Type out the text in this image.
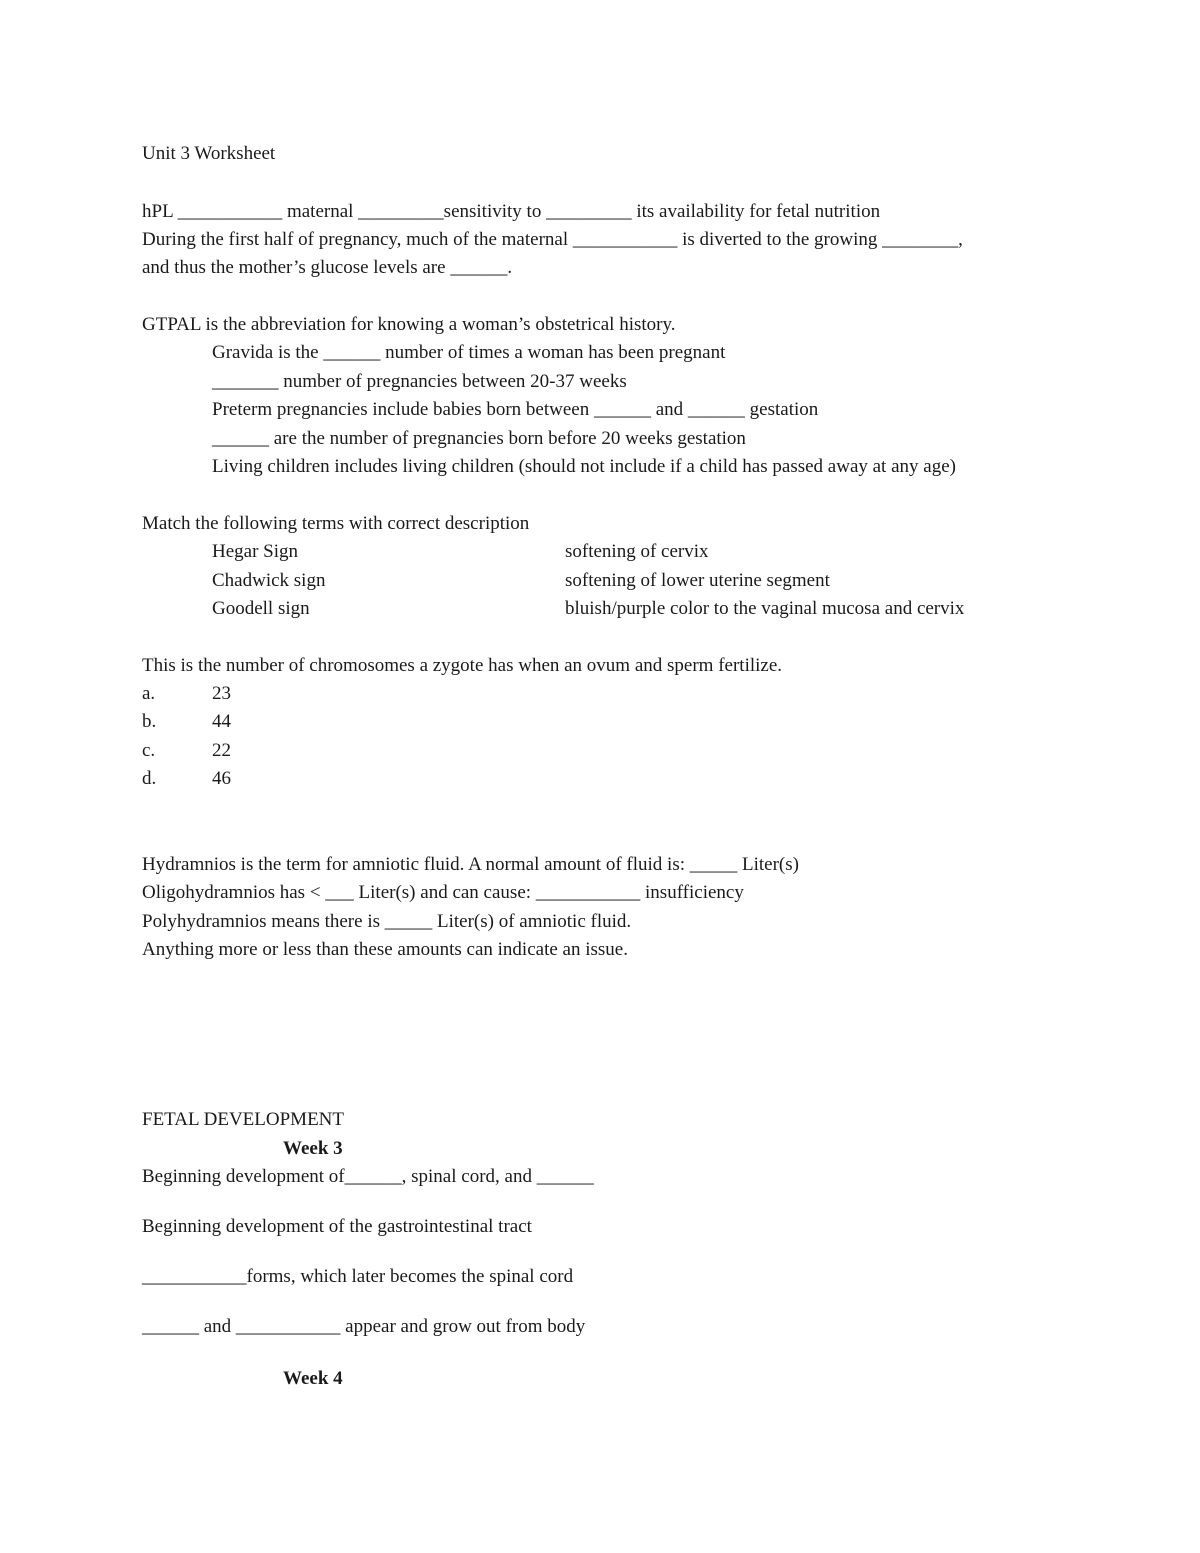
Unit 3 Worksheet
hPL ___________ maternal _________sensitivity to _________ its availability for fetal nutrition
During the first half of pregnancy, much of the maternal ___________ is diverted to the growing ________,
and thus the mother’s glucose levels are ______.
GTPAL is the abbreviation for knowing a woman’s obstetrical history.
Gravida is the ______ number of times a woman has been pregnant
_______ number of pregnancies between 20-37 weeks
Preterm pregnancies include babies born between ______ and ______ gestation
______ are the number of pregnancies born before 20 weeks gestation
Living children includes living children (should not include if a child has passed away at any age)
Match the following terms with correct description
Hegar Sign	softening of cervix
Chadwick sign	softening of lower uterine segment
Goodell sign	bluish/purple color to the vaginal mucosa and cervix
This is the number of chromosomes a zygote has when an ovum and sperm fertilize.
a.	23
b.	44
c.	22
d.	46
Hydramnios is the term for amniotic fluid. A normal amount of fluid is: _____ Liter(s)
Oligohydramnios has < ___ Liter(s) and can cause: ___________ insufficiency
Polyhydramnios means there is _____ Liter(s) of amniotic fluid.
Anything more or less than these amounts can indicate an issue.
FETAL DEVELOPMENT
Week 3
Beginning development of______, spinal cord, and ______
Beginning development of the gastrointestinal tract
___________forms, which later becomes the spinal cord
______ and ___________ appear and grow out from body
Week 4
